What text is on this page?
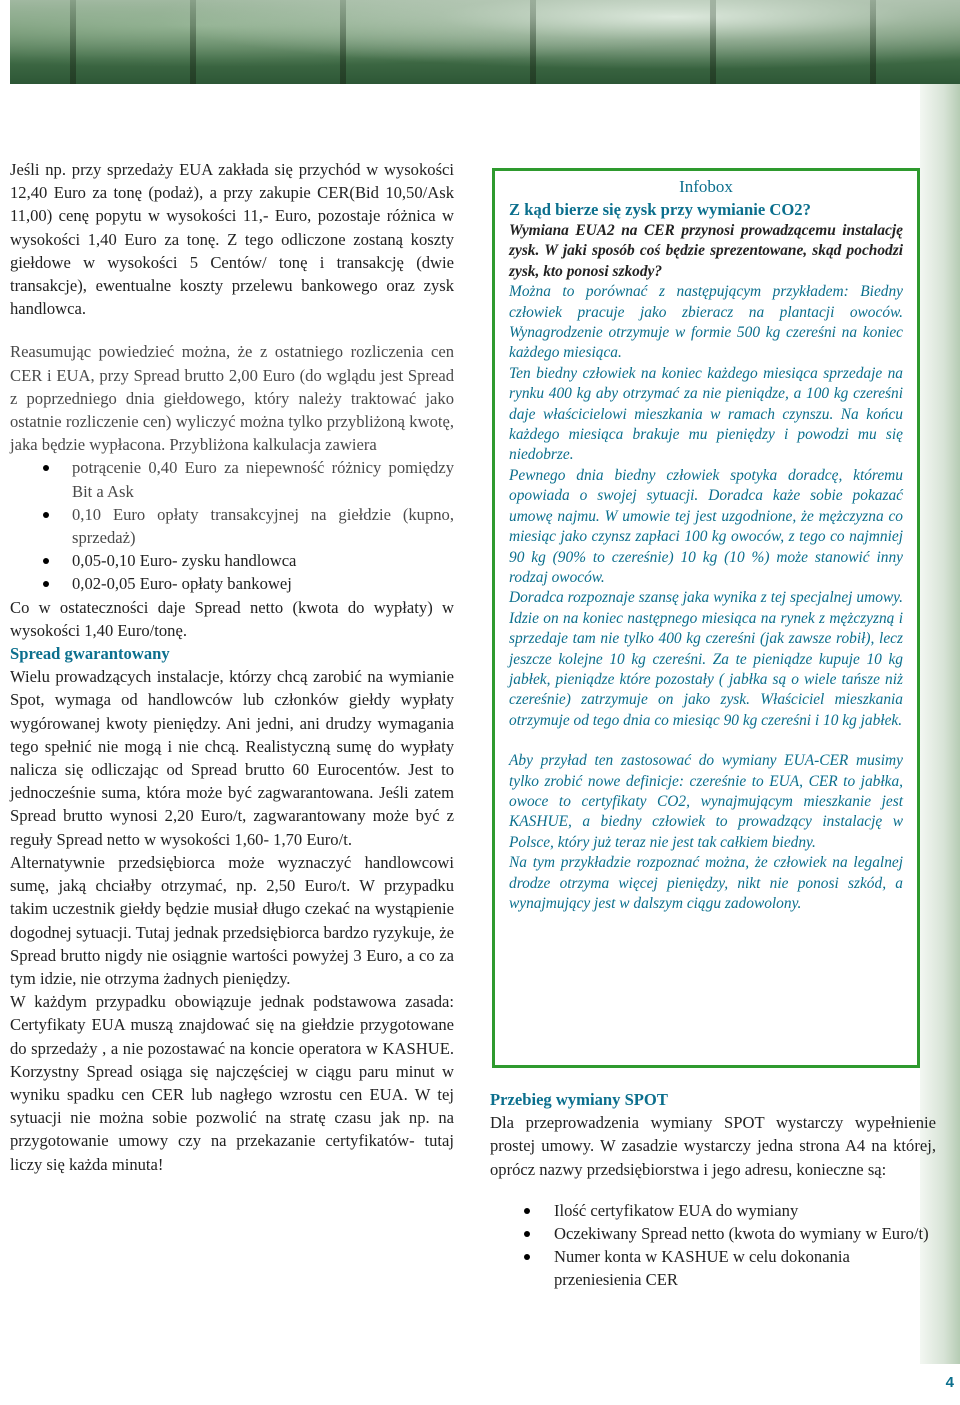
Jeśli np. przy sprzedaży EUA zakłada się przychód w wysokości 12,40 Euro za tonę (podaż), a przy zakupie CER(Bid 10,50/Ask 11,00) cenę popytu w wysokości 11,- Euro, pozostaje różnica w wysokości 1,40 Euro za tonę. Z tego odliczone zostaną koszty giełdowe w wysokości 5 Centów/ tonę i transakcję (dwie transakcje), ewentualne koszty przelewu bankowego oraz zysk handlowca.

Reasumując powiedzieć można, że z ostatniego rozliczenia cen CER i EUA, przy Spread brutto 2,00 Euro (do wglądu jest Spread z poprzedniego dnia giełdowego, który należy traktować jako ostatnie rozliczenie cen) wyliczyć można tylko przybliżoną kwotę, jaka będzie wypłacona. Przybliżona kalkulacja zawiera

potrącenie 0,40 Euro za niepewność różnicy pomiędzy Bit a Ask
0,10 Euro opłaty transakcyjnej na giełdzie (kupno, sprzedaż)
0,05-0,10 Euro- zysku handlowca
0,02-0,05 Euro- opłaty bankowej

Co w ostateczności daje Spread netto (kwota do wypłaty) w wysokości 1,40 Euro/tonę.

Spread gwarantowany

Wielu prowadzących instalacje, którzy chcą zarobić na wymianie Spot, wymaga od handlowców lub członków giełdy wypłaty wygórowanej kwoty pieniędzy. Ani jedni, ani drudzy wymagania tego spełnić nie mogą i nie chcą. Realistyczną sumę do wypłaty nalicza się odliczając od Spread brutto 60 Eurocentów. Jest to jednocześnie suma, która może być zagwarantowana. Jeśli zatem Spread brutto wynosi 2,20 Euro/t, zagwarantowany może być z reguły Spread netto w wysokości 1,60- 1,70 Euro/t.

Alternatywnie przedsiębiorca może wyznaczyć handlowcowi sumę, jaką chciałby otrzymać, np. 2,50 Euro/t. W przypadku takim uczestnik giełdy będzie musiał długo czekać na wystąpienie dogodnej sytuacji. Tutaj jednak przedsiębiorca bardzo ryzykuje, że Spread brutto nigdy nie osiągnie wartości powyżej 3 Euro, a co za tym idzie, nie otrzyma żadnych pieniędzy.

W każdym przypadku obowiązuje jednak podstawowa zasada: Certyfikaty EUA muszą znajdować się na giełdzie przygotowane do sprzedaży , a nie pozostawać na koncie operatora w KASHUE. Korzystny Spread osiąga się najczęściej w ciągu paru minut w wyniku spadku cen CER lub nagłego wzrostu cen EUA. W tej sytuacji nie można sobie pozwolić na stratę czasu jak np. na przygotowanie umowy czy na przekazanie certyfikatów- tutaj liczy się każda minuta!

Infobox

Z kąd bierze się zysk przy wymianie CO2?

Wymiana EUA2 na CER przynosi prowadzącemu instalację zysk. W jaki sposób coś będzie sprezentowane, skąd pochodzi zysk, kto ponosi szkody?

Można to porównać z następującym przykładem: Biedny człowiek pracuje jako zbieracz na plantacji owoców. Wynagrodzenie otrzymuje w formie 500 kg czereśni na koniec każdego miesiąca.

Ten biedny człowiek na koniec każdego miesiąca sprzedaje na rynku 400 kg aby otrzymać za nie pieniądze, a 100 kg czereśni daje właścicielowi mieszkania w ramach czynszu. Na końcu każdego miesiąca brakuje mu pieniędzy i powodzi mu się niedobrze.

Pewnego dnia biedny człowiek spotyka doradcę, któremu opowiada o swojej sytuacji. Doradca każe sobie pokazać umowę najmu. W umowie tej jest uzgodnione, że mężczyzna co miesiąc jako czynsz zapłaci 100 kg owoców, z tego co najmniej 90 kg (90% to czereśnie) 10 kg (10 %) może stanowić inny rodzaj owoców.

Doradca rozpoznaje szansę jaka wynika z tej specjalnej umowy. Idzie on na koniec następnego miesiąca na rynek z mężczyzną i sprzedaje tam nie tylko 400 kg czereśni (jak zawsze robił), lecz jeszcze kolejne 10 kg czereśni. Za te pieniądze kupuje 10 kg jabłek, pieniądze które pozostały ( jabłka są o wiele tańsze niż czereśnie) zatrzymuje on jako zysk. Właściciel mieszkania otrzymuje od tego dnia co miesiąc 90 kg czereśni i 10 kg jabłek.

Aby przyład ten zastosować do wymiany EUA-CER musimy tylko zrobić nowe definicje: czereśnie to EUA, CER to jabłka, owoce to certyfikaty CO2, wynajmującym mieszkanie jest KASHUE, a biedny człowiek to prowadzący instalację w Polsce, który już teraz nie jest tak całkiem biedny.

Na tym przykładzie rozpoznać można, że człowiek na legalnej drodze otrzyma więcej pieniędzy, nikt nie ponosi szkód, a wynajmujący jest w dalszym ciągu zadowolony.

Przebieg wymiany SPOT

Dla przeprowadzenia wymiany SPOT wystarczy wypełnienie prostej umowy. W zasadzie wystarczy jedna strona A4 na której, oprócz nazwy przedsiębiorstwa i jego adresu, konieczne są:

Ilość certyfikatow EUA do wymiany
Oczekiwany Spread netto (kwota do wymiany w Euro/t)
Numer konta w KASHUE w celu dokonania przeniesienia CER
4
